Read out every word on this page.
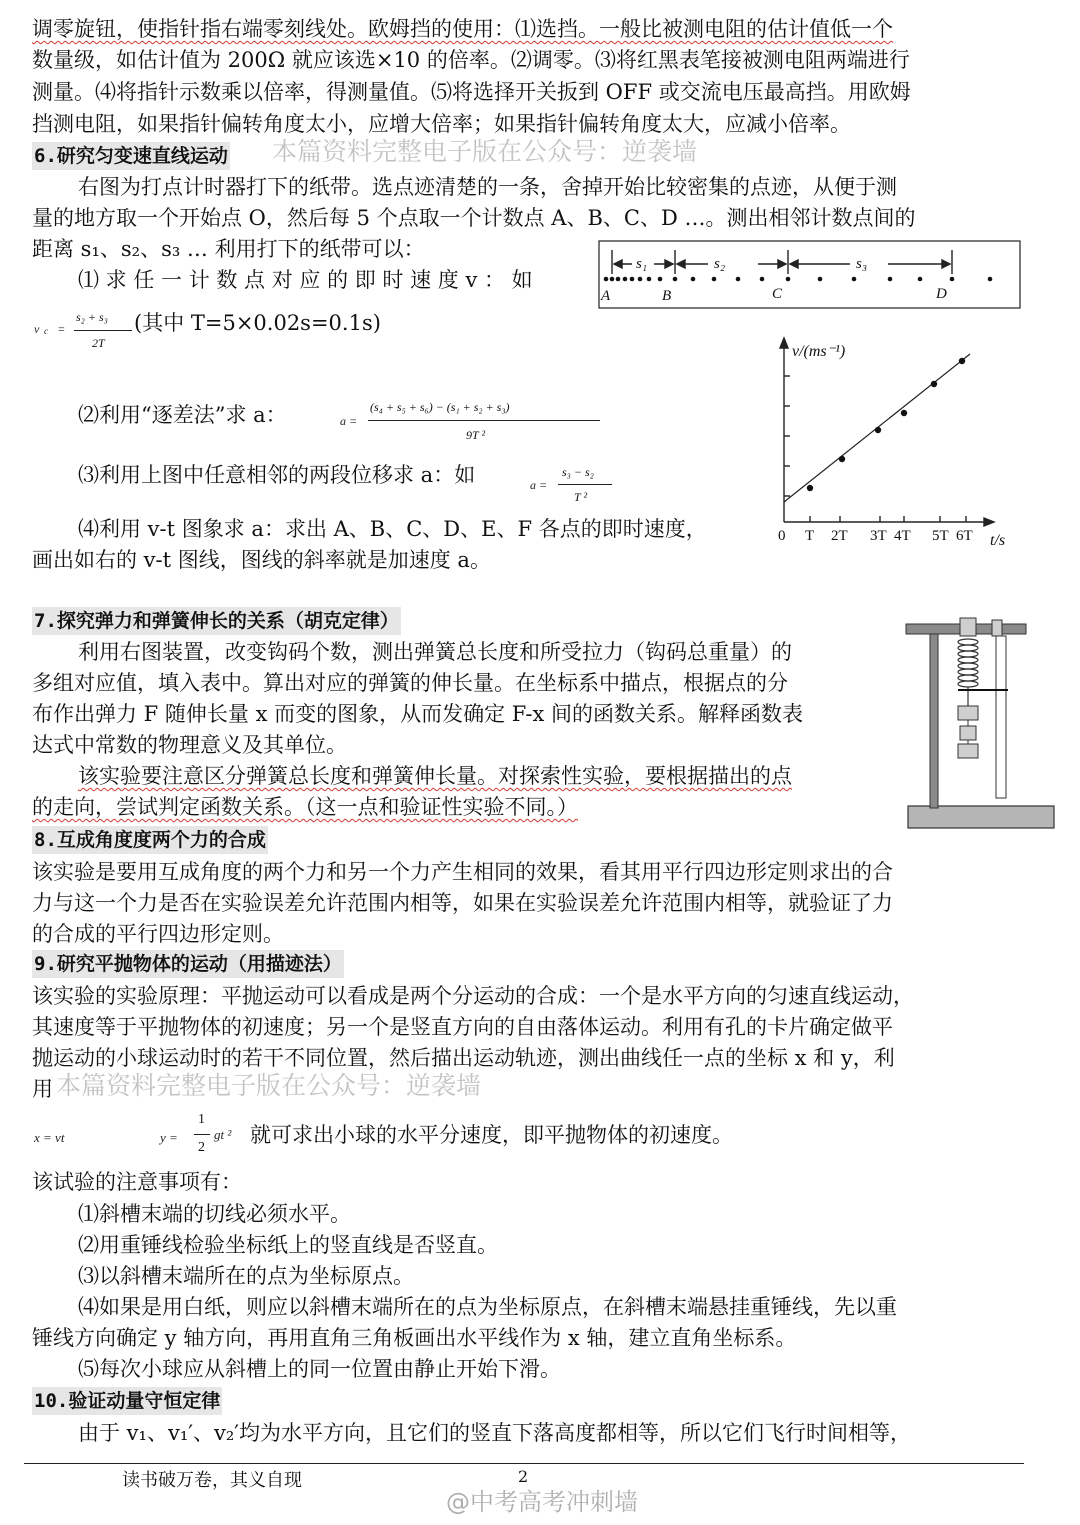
调零旋钮，使指针指右端零刻线处。欧姆挡的使用：⑴选挡。一般比被测电阻的估计值低一个
数量级，如估计值为 200Ω 就应该选×10 的倍率。⑵调零。⑶将红黑表笔接被测电阻两端进行
测量。⑷将指针示数乘以倍率，得测量值。⑸将选择开关扳到 OFF 或交流电压最高挡。用欧姆
挡测电阻，如果指针偏转角度太小，应增大倍率；如果指针偏转角度太大，应减小倍率。
6.研究匀变速直线运动 本篇资料完整电子版在公众号：逆袭墙
右图为打点计时器打下的纸带。选点迹清楚的一条，舍掉开始比较密集的点迹，从便于测
量的地方取一个开始点 O，然后每 5 个点取一个计数点 A、B、C、D …。测出相邻计数点间的
距离 s₁、s₂、s₃ … 利用打下的纸带可以：
⑴ 求 任 一 计 数 点 对 应 的 即 时 速 度 v ： 如
v c =
s₂ + s₃
2T
(其中 T=5×0.02s=0.1s)
⑵利用“逐差法”求 a：	a =
(s₄ + s₅ + s₆) − (s₁ + s₂ + s₃)
9T ²
⑶利用上图中任意相邻的两段位移求 a：如	a =
s₃ − s₂
T ²
⑷利用 v-t 图象求 a：求出 A、B、C、D、E、F 各点的即时速度，
画出如右的 v-t 图线，图线的斜率就是加速度 a。
s₁	s₂	s₃
A	B	C	D
v/(ms⁻¹)
0 T 2T 3T 4T 5T 6T t/s
7.探究弹力和弹簧伸长的关系（胡克定律）
利用右图装置，改变钩码个数，测出弹簧总长度和所受拉力（钩码总重量）的
多组对应值，填入表中。算出对应的弹簧的伸长量。在坐标系中描点，根据点的分
布作出弹力 F 随伸长量 x 而变的图象，从而发确定 F-x 间的函数关系。解释函数表
达式中常数的物理意义及其单位。
该实验要注意区分弹簧总长度和弹簧伸长量。对探索性实验，要根据描出的点
的走向，尝试判定函数关系。（这一点和验证性实验不同。）
8.互成角度度两个力的合成
该实验是要用互成角度的两个力和另一个力产生相同的效果，看其用平行四边形定则求出的合
力与这一个力是否在实验误差允许范围内相等，如果在实验误差允许范围内相等，就验证了力
的合成的平行四边形定则。
9.研究平抛物体的运动（用描迹法）
该实验的实验原理：平抛运动可以看成是两个分运动的合成：一个是水平方向的匀速直线运动，
其速度等于平抛物体的初速度；另一个是竖直方向的自由落体运动。利用有孔的卡片确定做平
抛运动的小球运动时的若干不同位置，然后描出运动轨迹，测出曲线任一点的坐标 x 和 y，利
用 本篇资料完整电子版在公众号：逆袭墙
x = vt	y =
1
2
gt ² 就可求出小球的水平分速度，即平抛物体的初速度。
该试验的注意事项有：
⑴斜槽末端的切线必须水平。
⑵用重锤线检验坐标纸上的竖直线是否竖直。
⑶以斜槽末端所在的点为坐标原点。
⑷如果是用白纸，则应以斜槽末端所在的点为坐标原点，在斜槽末端悬挂重锤线，先以重
锤线方向确定 y 轴方向，再用直角三角板画出水平线作为 x 轴，建立直角坐标系。
⑸每次小球应从斜槽上的同一位置由静止开始下滑。
10.验证动量守恒定律
由于 v₁、v₁′、v₂′均为水平方向，且它们的竖直下落高度都相等，所以它们飞行时间相等，
读书破万卷，其义自现	2
@中考高考冲刺墙
